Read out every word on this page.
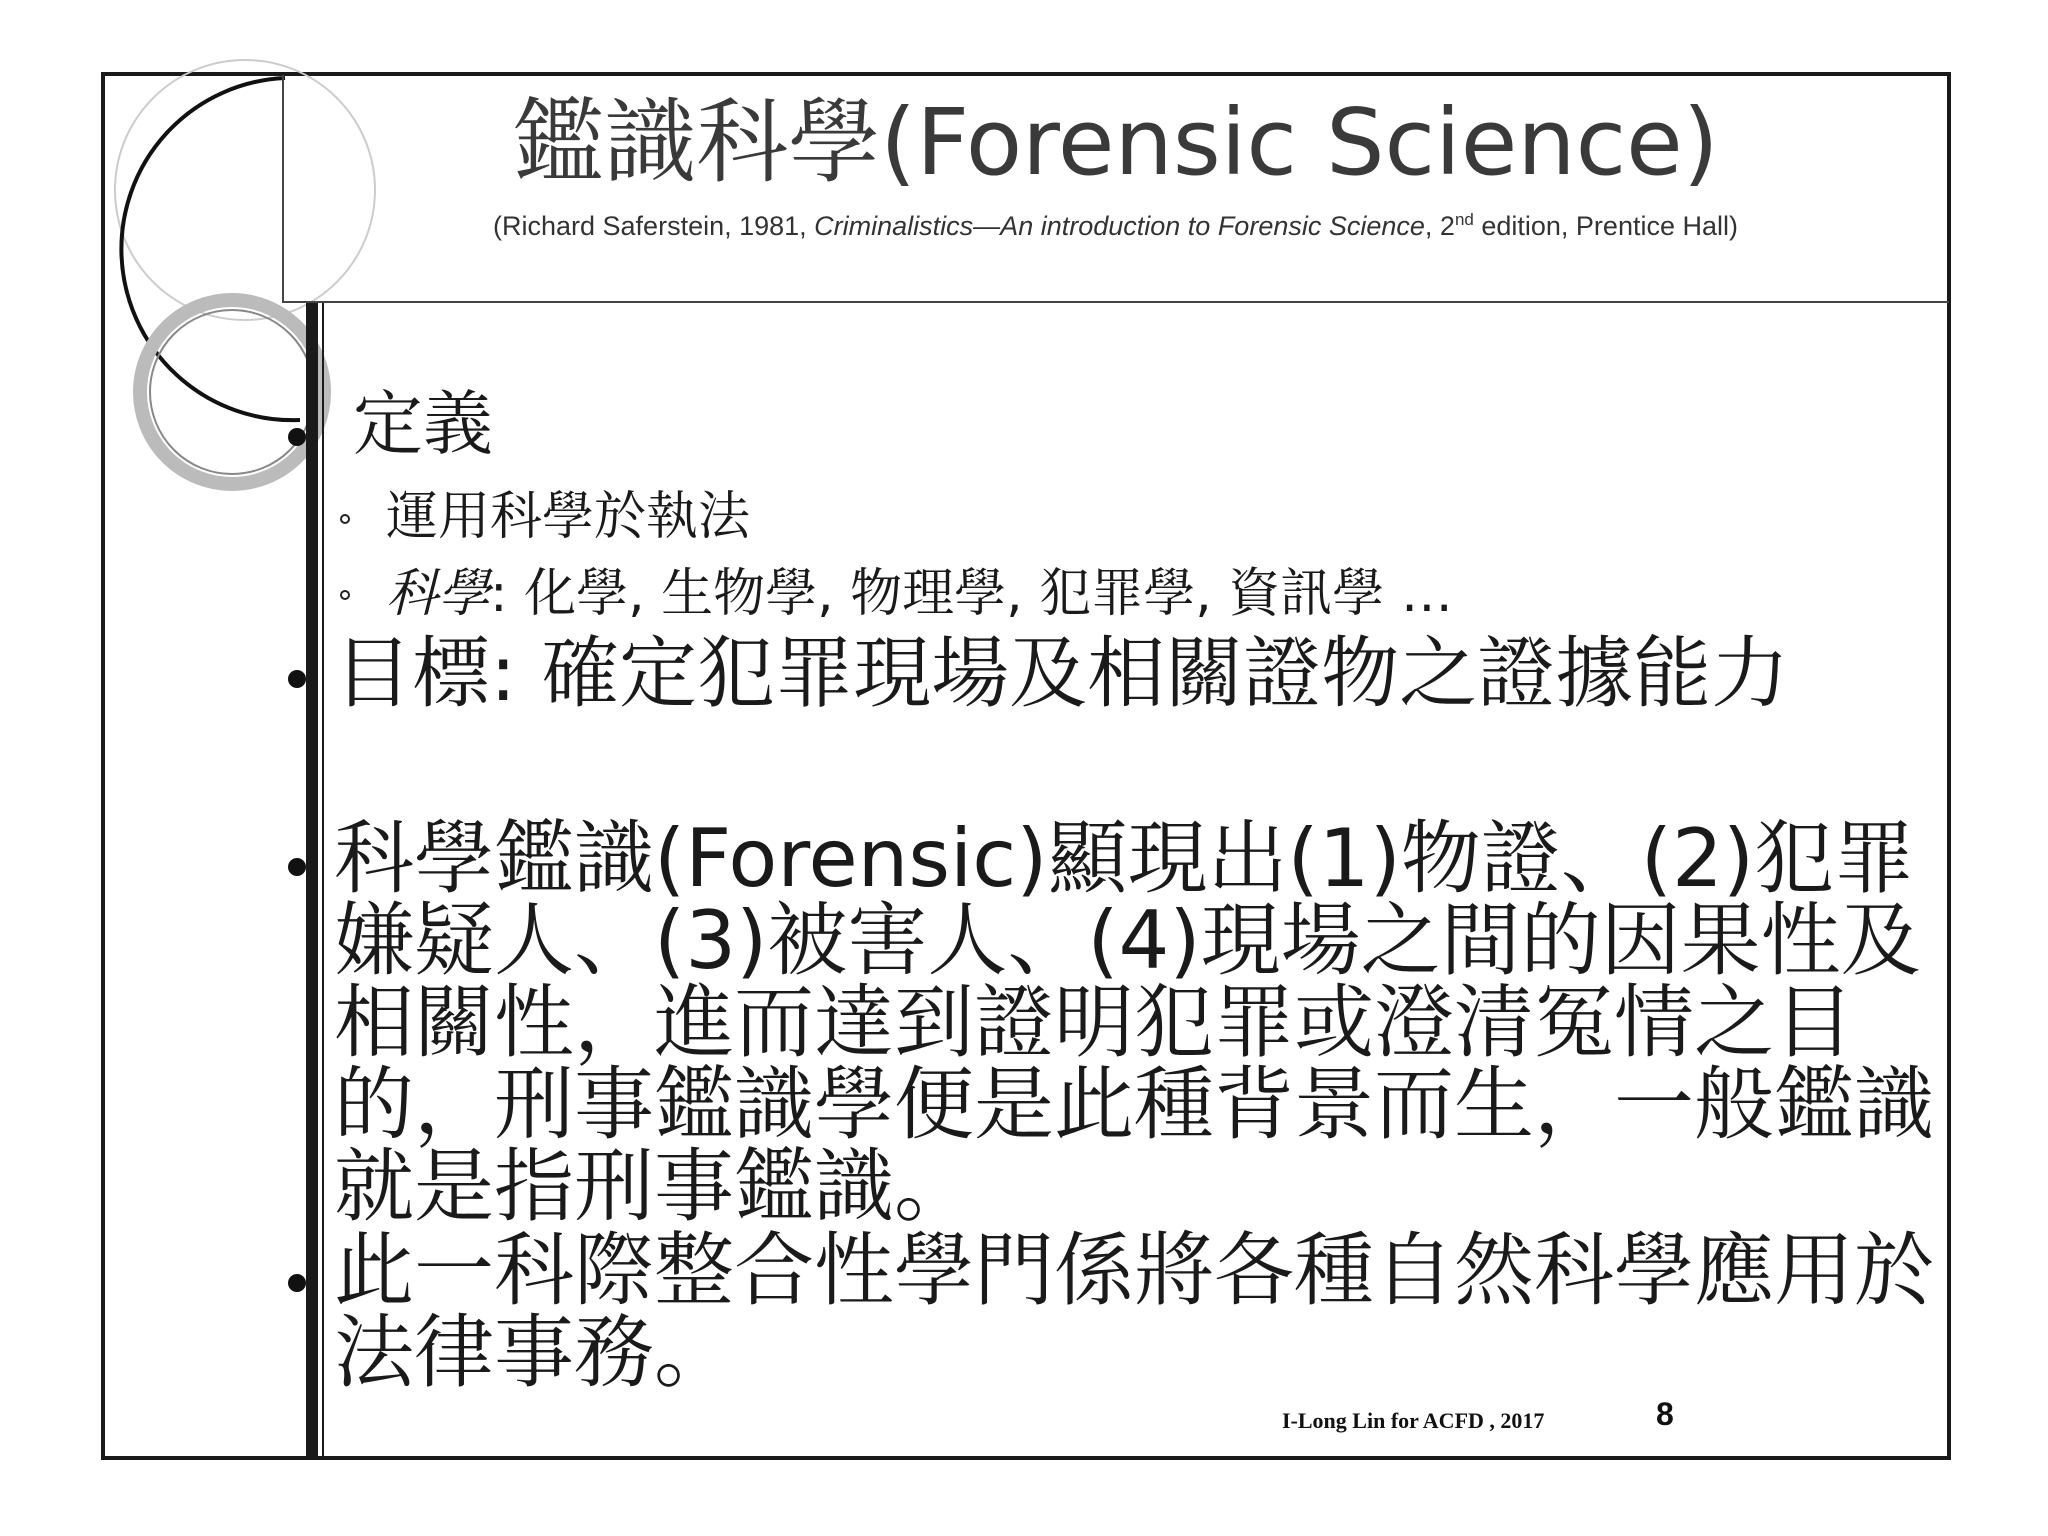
鑑識科學(Forensic Science)
(Richard Saferstein, 1981, Criminalistics—An introduction to Forensic Science, 2nd edition, Prentice Hall)
定義
運用科學於執法
科學: 化學, 生物學, 物理學, 犯罪學, 資訊學 …
目標: 確定犯罪現場及相關證物之證據能力
科學鑑識(Forensic)顯現出(1)物證、(2)犯罪嫌疑人、(3)被害人、(4)現場之間的因果性及相關性，進而達到證明犯罪或澄清冤情之目的，刑事鑑識學便是此種背景而生，一般鑑識就是指刑事鑑識。
此一科際整合性學門係將各種自然科學應用於法律事務。
I-Long Lin for ACFD , 2017	8
